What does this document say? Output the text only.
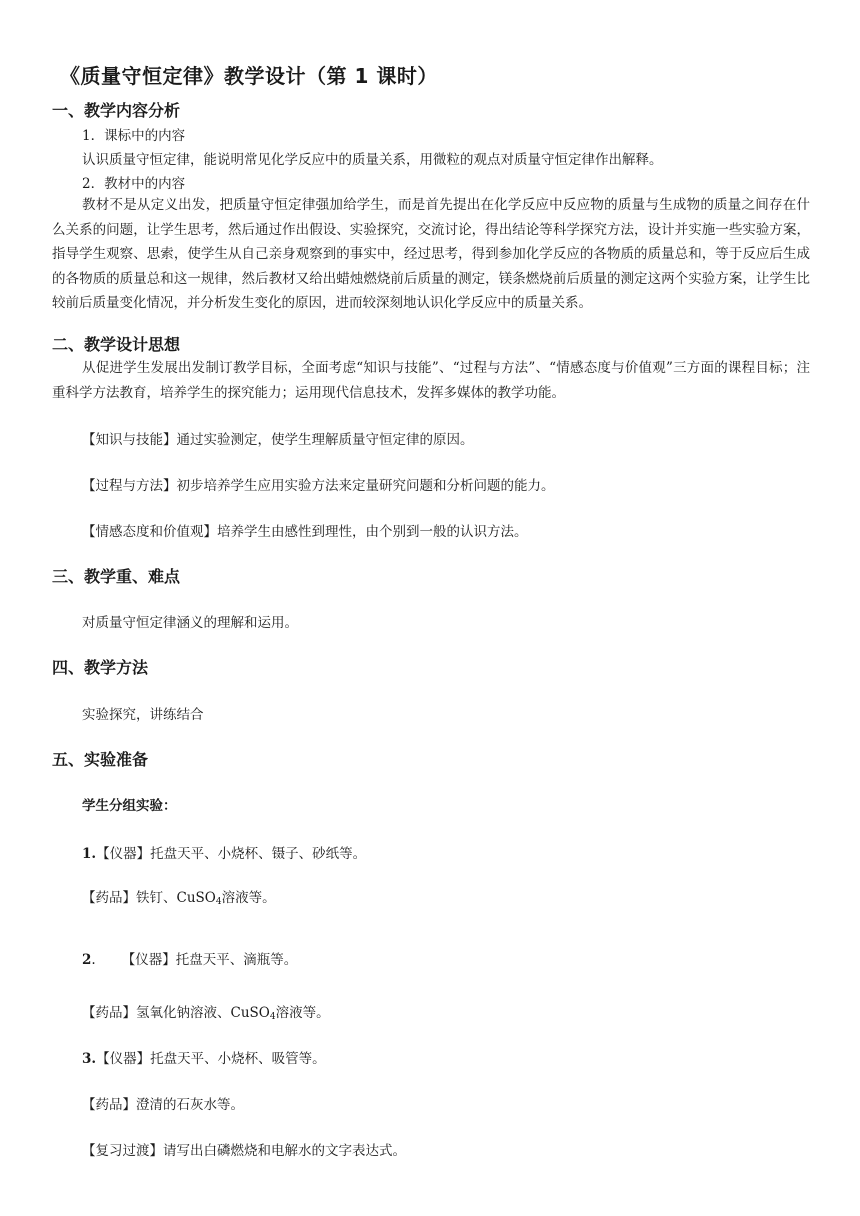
《质量守恒定律》教学设计（第 1 课时）
一、教学内容分析
1．课标中的内容
认识质量守恒定律，能说明常见化学反应中的质量关系，用微粒的观点对质量守恒定律作出解释。
2．教材中的内容
教材不是从定义出发，把质量守恒定律强加给学生，而是首先提出在化学反应中反应物的质量与生成物的质量之间存在什么关系的问题，让学生思考，然后通过作出假设、实验探究，交流讨论，得出结论等科学探究方法，设计并实施一些实验方案，指导学生观察、思索，使学生从自己亲身观察到的事实中，经过思考，得到参加化学反应的各物质的质量总和，等于反应后生成的各物质的质量总和这一规律，然后教材又给出蜡烛燃烧前后质量的测定，镁条燃烧前后质量的测定这两个实验方案，让学生比较前后质量变化情况，并分析发生变化的原因，进而较深刻地认识化学反应中的质量关系。
二、教学设计思想
从促进学生发展出发制订教学目标，全面考虑“知识与技能”、“过程与方法”、“情感态度与价值观”三方面的课程目标；注重科学方法教育，培养学生的探究能力；运用现代信息技术，发挥多媒体的教学功能。
【知识与技能】通过实验测定，使学生理解质量守恒定律的原因。
【过程与方法】初步培养学生应用实验方法来定量研究问题和分析问题的能力。
【情感态度和价值观】培养学生由感性到理性，由个别到一般的认识方法。
三、教学重、难点
对质量守恒定律涵义的理解和运用。
四、教学方法
实验探究，讲练结合
五、实验准备
学生分组实验：
1.【仪器】托盘天平、小烧杯、镊子、砂纸等。
【药品】铁钉、CuSO$_4$溶液等。
2. 【仪器】托盘天平、滴瓶等。
【药品】氢氧化钠溶液、CuSO$_4$溶液等。
3.【仪器】托盘天平、小烧杯、吸管等。
【药品】澄清的石灰水等。
【复习过渡】请写出白磷燃烧和电解水的文字表达式。
